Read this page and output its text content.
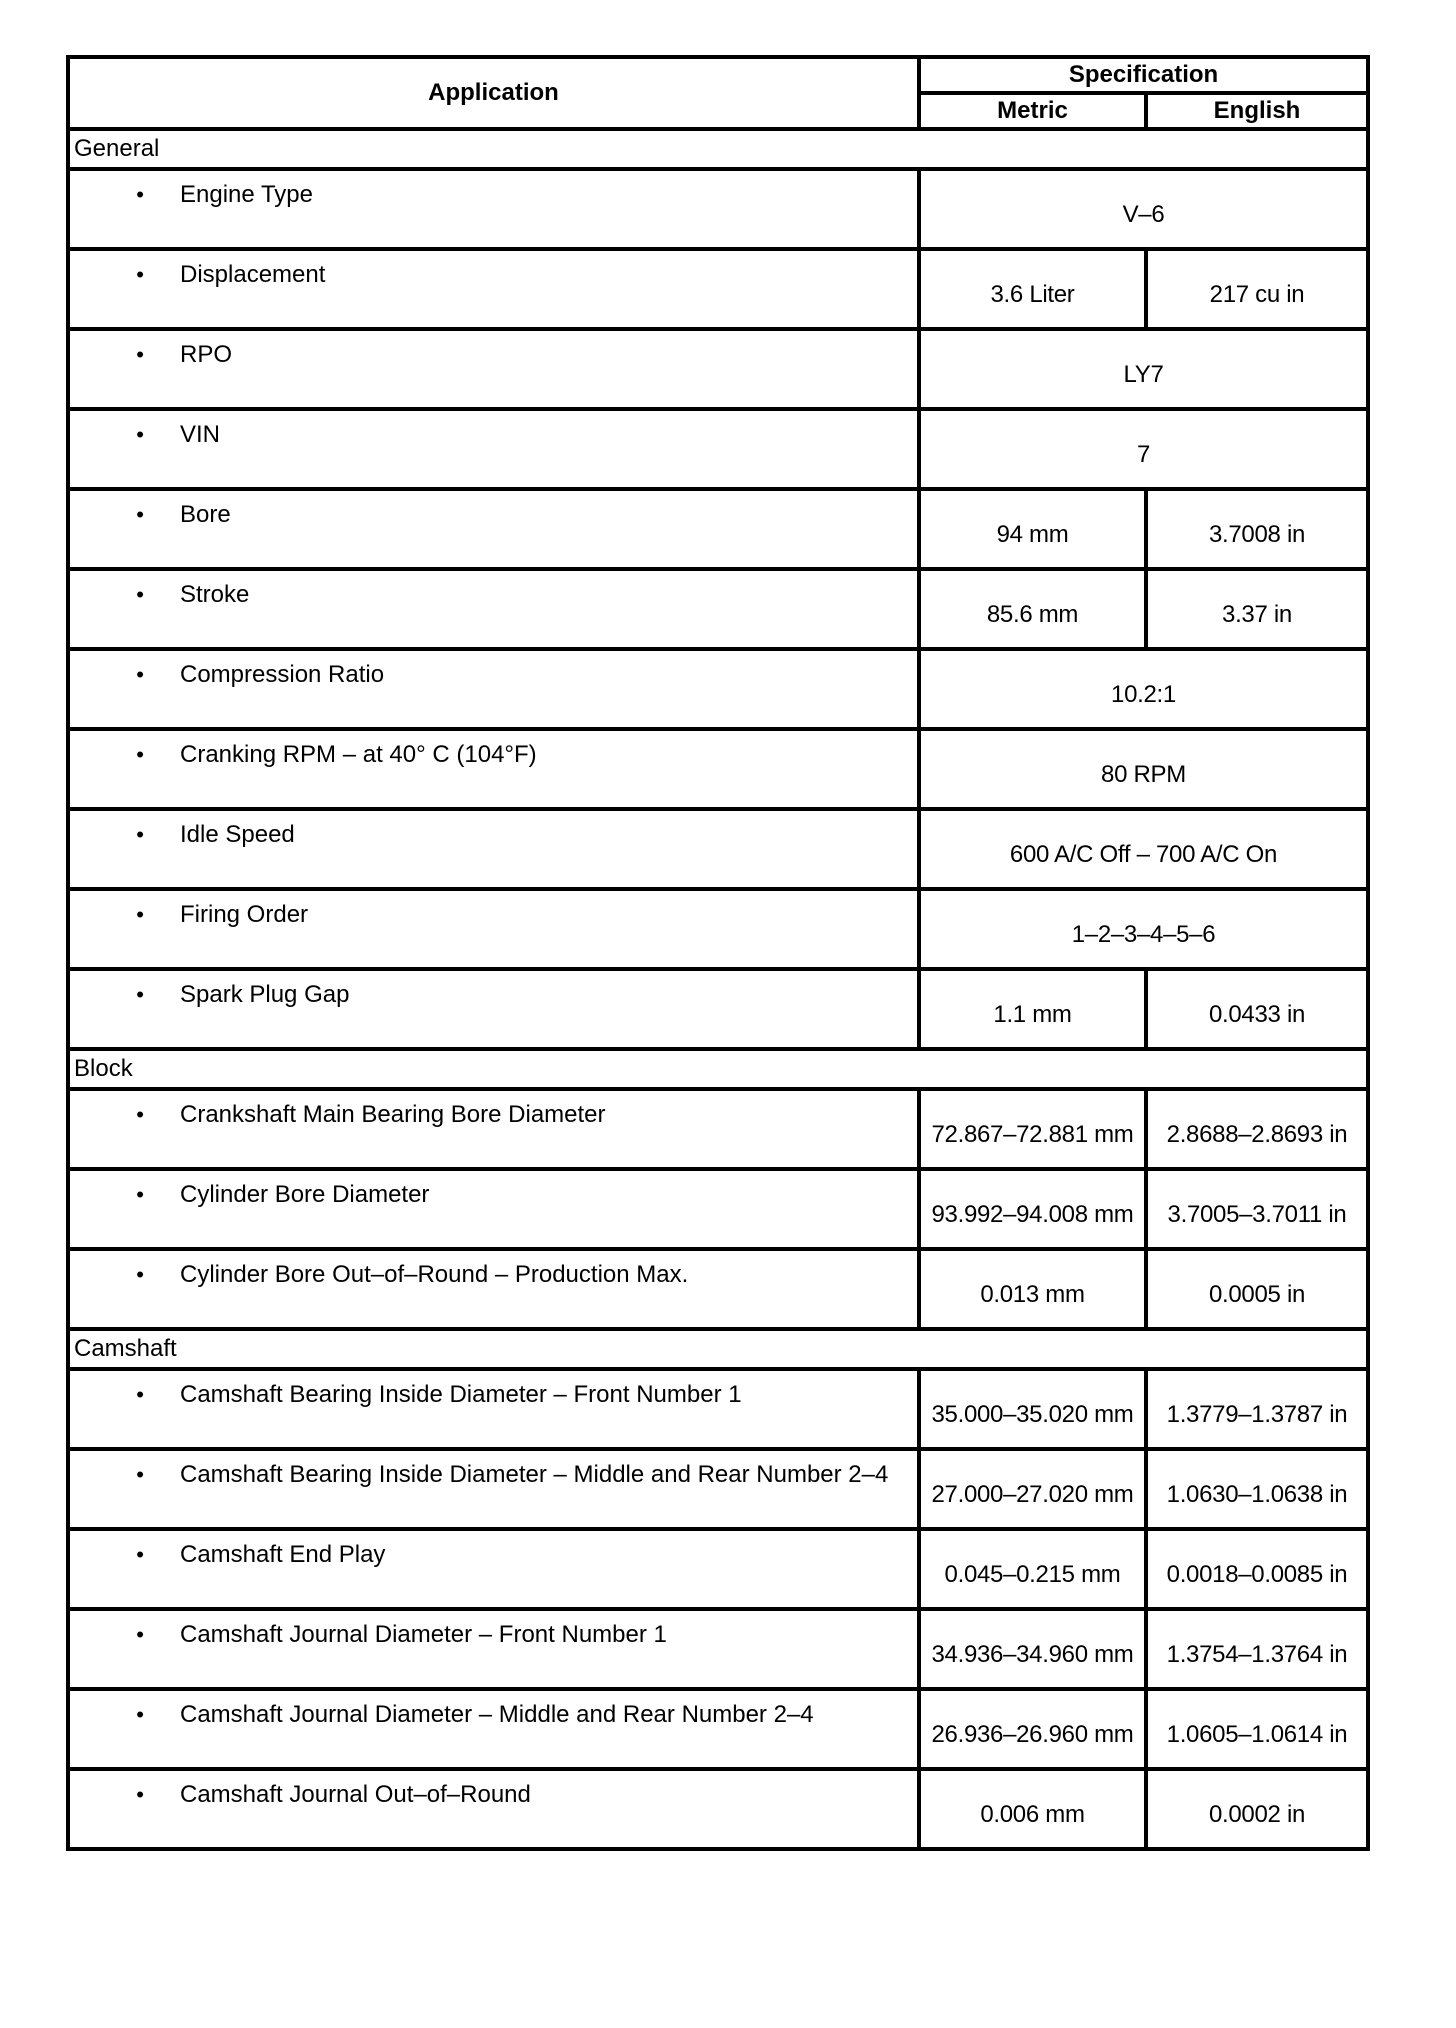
Application	Specification	
	Metric	English
General		

• Engine Type	V–6	

• Displacement	3.6 Liter	217 cu in

• RPO	LY7	

• VIN	7	

• Bore	94 mm	3.7008 in

• Stroke	85.6 mm	3.37 in

• Compression Ratio	10.2:1	

• Cranking RPM – at 40° C (104°F)	80 RPM	

• Idle Speed	600 A/C Off – 700 A/C On	

• Firing Order	1–2–3–4–5–6	

• Spark Plug Gap	1.1 mm	0.0433 in
Block		

• Crankshaft Main Bearing Bore Diameter	72.867–72.881 mm	2.8688–2.8693 in

• Cylinder Bore Diameter	93.992–94.008 mm	3.7005–3.7011 in

• Cylinder Bore Out–of–Round – Production Max.	0.013 mm	0.0005 in
Camshaft		

• Camshaft Bearing Inside Diameter – Front Number 1	35.000–35.020 mm	1.3779–1.3787 in

• Camshaft Bearing Inside Diameter – Middle and Rear Number 2–4	27.000–27.020 mm	1.0630–1.0638 in

• Camshaft End Play	0.045–0.215 mm	0.0018–0.0085 in

• Camshaft Journal Diameter – Front Number 1	34.936–34.960 mm	1.3754–1.3764 in

• Camshaft Journal Diameter – Middle and Rear Number 2–4	26.936–26.960 mm	1.0605–1.0614 in

• Camshaft Journal Out–of–Round	0.006 mm	0.0002 in
